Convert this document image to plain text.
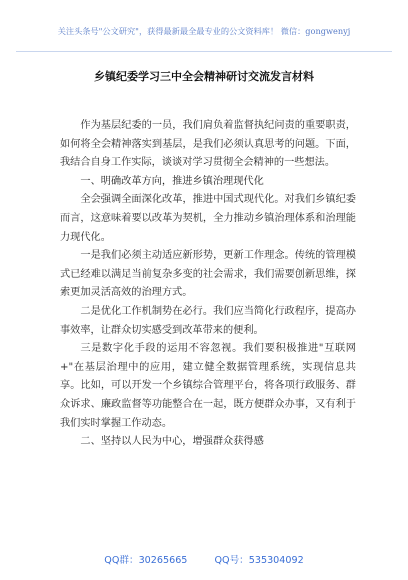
关注头条号"公文研究"，获得最新最全最专业的公文资料库！ 微信：gongwenyj
乡镇纪委学习三中全会精神研讨交流发言材料

作为基层纪委的一员，我们肩负着监督执纪问责的重要职责，如何将全会精神落实到基层，是我们必须认真思考的问题。下面，我结合自身工作实际，谈谈对学习贯彻全会精神的一些想法。

一、明确改革方向，推进乡镇治理现代化

全会强调全面深化改革，推进中国式现代化。对我们乡镇纪委而言，这意味着要以改革为契机，全力推动乡镇治理体系和治理能力现代化。

一是我们必须主动适应新形势，更新工作理念。传统的管理模式已经难以满足当前复杂多变的社会需求，我们需要创新思维，探索更加灵活高效的治理方式。

二是优化工作机制势在必行。我们应当简化行政程序，提高办事效率，让群众切实感受到改革带来的便利。

三是数字化手段的运用不容忽视。我们要积极推进"互联网+"在基层治理中的应用，建立健全数据管理系统，实现信息共享。比如，可以开发一个乡镇综合管理平台，将各项行政服务、群众诉求、廉政监督等功能整合在一起，既方便群众办事，又有利于我们实时掌握工作动态。

二、坚持以人民为中心，增强群众获得感

QQ群：30265665	QQ号：535304092
